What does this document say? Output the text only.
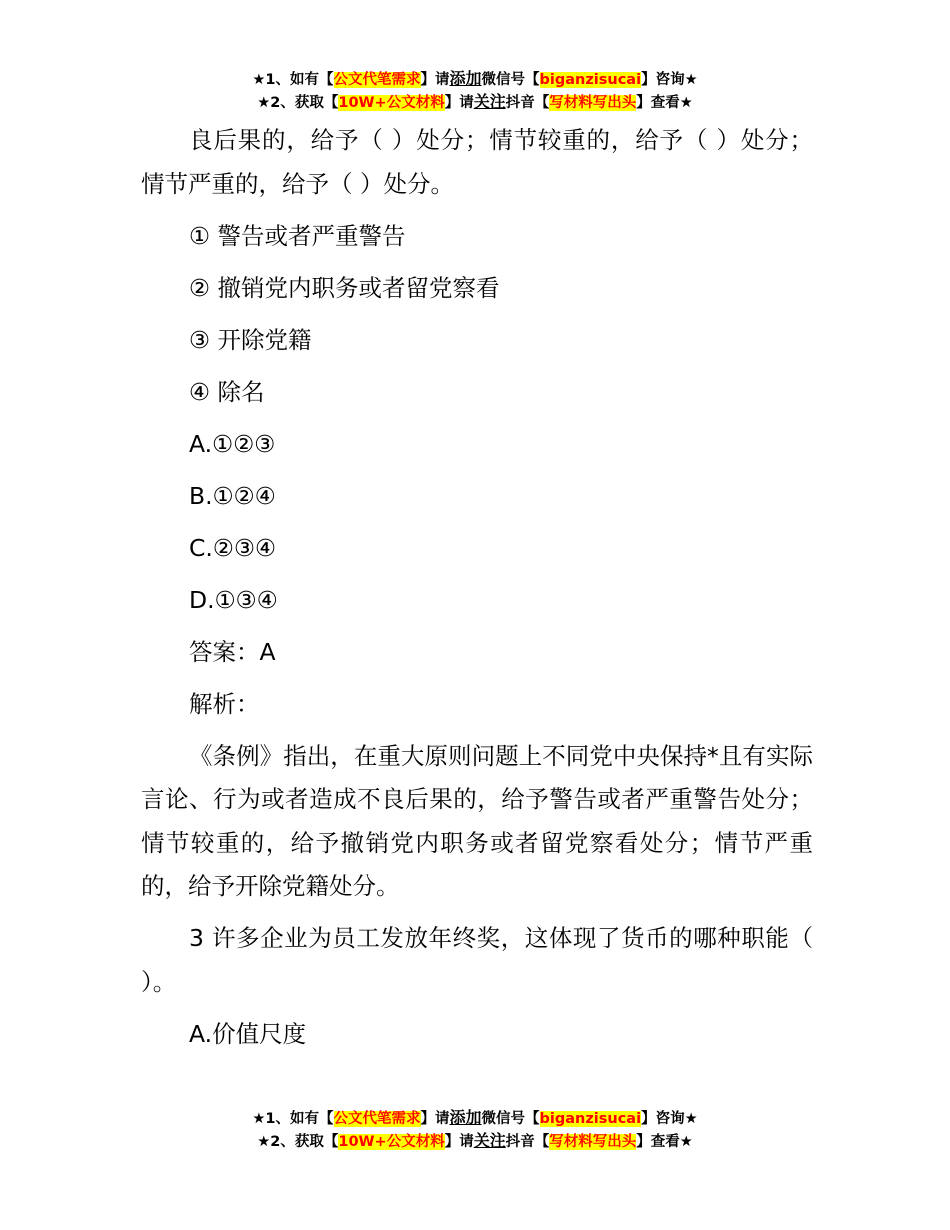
★1、如有【公文代笔需求】请添加微信号【biganzisucai】咨询★
★2、获取【10W+公文材料】请关注抖音【写材料写出头】查看★

良后果的，给予（ ）处分；情节较重的，给予（ ）处分；情节严重的，给予（ ）处分。

① 警告或者严重警告

② 撤销党内职务或者留党察看

③ 开除党籍

④ 除名

A.①②③

B.①②④

C.②③④

D.①③④

答案：A

解析：

《条例》指出，在重大原则问题上不同党中央保持*且有实际言论、行为或者造成不良后果的，给予警告或者严重警告处分；情节较重的，给予撤销党内职务或者留党察看处分；情节严重的，给予开除党籍处分。

3 许多企业为员工发放年终奖，这体现了货币的哪种职能（ ）。

A.价值尺度

★1、如有【公文代笔需求】请添加微信号【biganzisucai】咨询★
★2、获取【10W+公文材料】请关注抖音【写材料写出头】查看★
